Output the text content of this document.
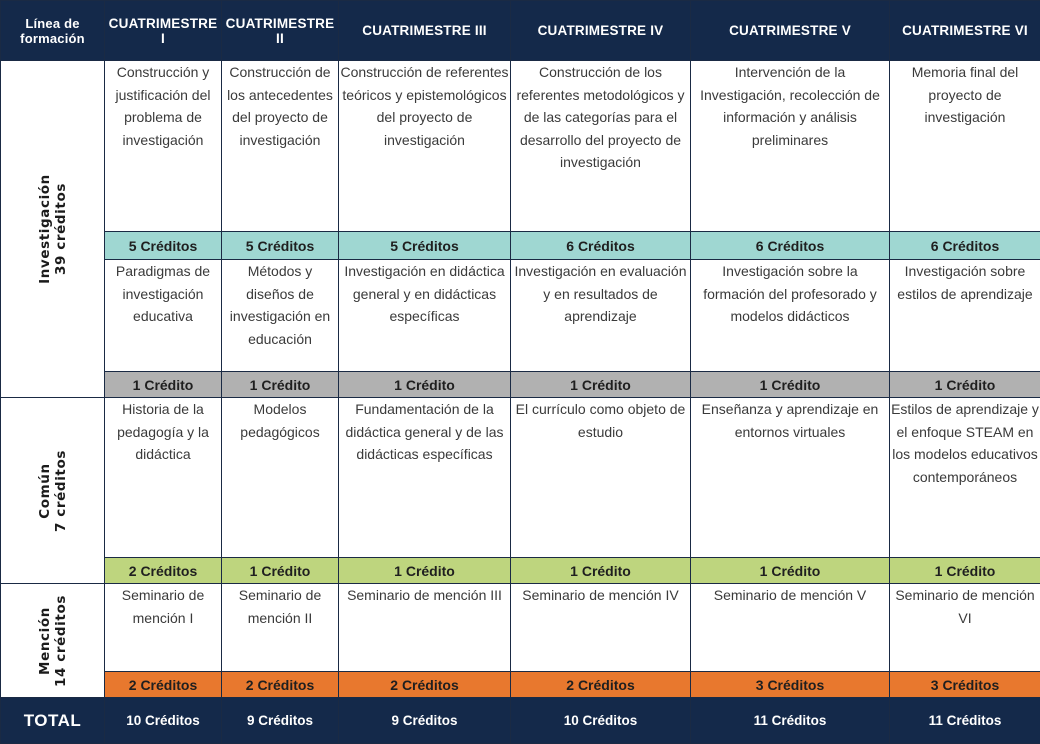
Línea de formación	CUATRIMESTRE I	CUATRIMESTRE II	CUATRIMESTRE III	CUATRIMESTRE IV	CUATRIMESTRE V	CUATRIMESTRE VI

Investigación 39 créditos	Construcción y justificación del problema de investigación	Construcción de los antecedentes del proyecto de investigación	Construcción de referentes teóricos y epistemológicos del proyecto de investigación	Construcción de los referentes metodológicos y de las categorías para el desarrollo del proyecto de investigación	Intervención de la Investigación, recolección de información y análisis preliminares	Memoria final del proyecto de investigación
	5 Créditos	5 Créditos	5 Créditos	6 Créditos	6 Créditos	6 Créditos
	Paradigmas de investigación educativa	Métodos y diseños de investigación en educación	Investigación en didáctica general y en didácticas específicas	Investigación en evaluación y en resultados de aprendizaje	Investigación sobre la formación del profesorado y modelos didácticos	Investigación sobre estilos de aprendizaje
	1 Crédito	1 Crédito	1 Crédito	1 Crédito	1 Crédito	1 Crédito

Común 7 créditos	Historia de la pedagogía y la didáctica	Modelos pedagógicos	Fundamentación de la didáctica general y de las didácticas específicas	El currículo como objeto de estudio	Enseñanza y aprendizaje en entornos virtuales	Estilos de aprendizaje y el enfoque STEAM en los modelos educativos contemporáneos
	2 Créditos	1 Crédito	1 Crédito	1 Crédito	1 Crédito	1 Crédito

Mención 14 créditos	Seminario de mención I	Seminario de mención II	Seminario de mención III	Seminario de mención IV	Seminario de mención V	Seminario de mención VI
	2 Créditos	2 Créditos	2 Créditos	2 Créditos	3 Créditos	3 Créditos
TOTAL	10 Créditos	9 Créditos	9 Créditos	10 Créditos	11 Créditos	11 Créditos
